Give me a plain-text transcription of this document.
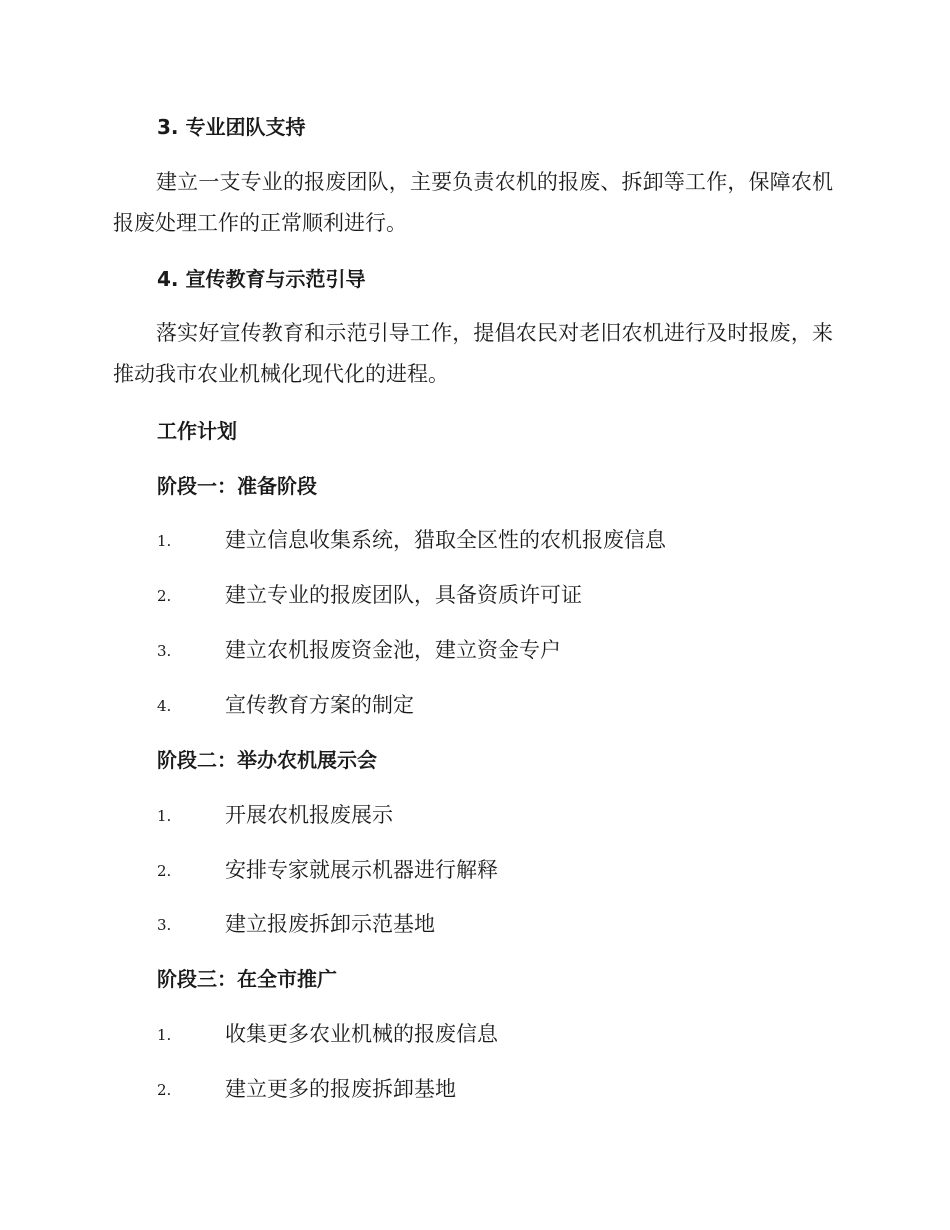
3. 专业团队支持

建立一支专业的报废团队，主要负责农机的报废、拆卸等工作，保障农机报废处理工作的正常顺利进行。

4. 宣传教育与示范引导

落实好宣传教育和示范引导工作，提倡农民对老旧农机进行及时报废，来推动我市农业机械化现代化的进程。

工作计划
阶段一：准备阶段
1.	建立信息收集系统，猎取全区性的农机报废信息
2.	建立专业的报废团队，具备资质许可证
3.	建立农机报废资金池，建立资金专户
4.	宣传教育方案的制定
阶段二：举办农机展示会
1.	开展农机报废展示
2.	安排专家就展示机器进行解释
3.	建立报废拆卸示范基地
阶段三：在全市推广
1.	收集更多农业机械的报废信息
2.	建立更多的报废拆卸基地
